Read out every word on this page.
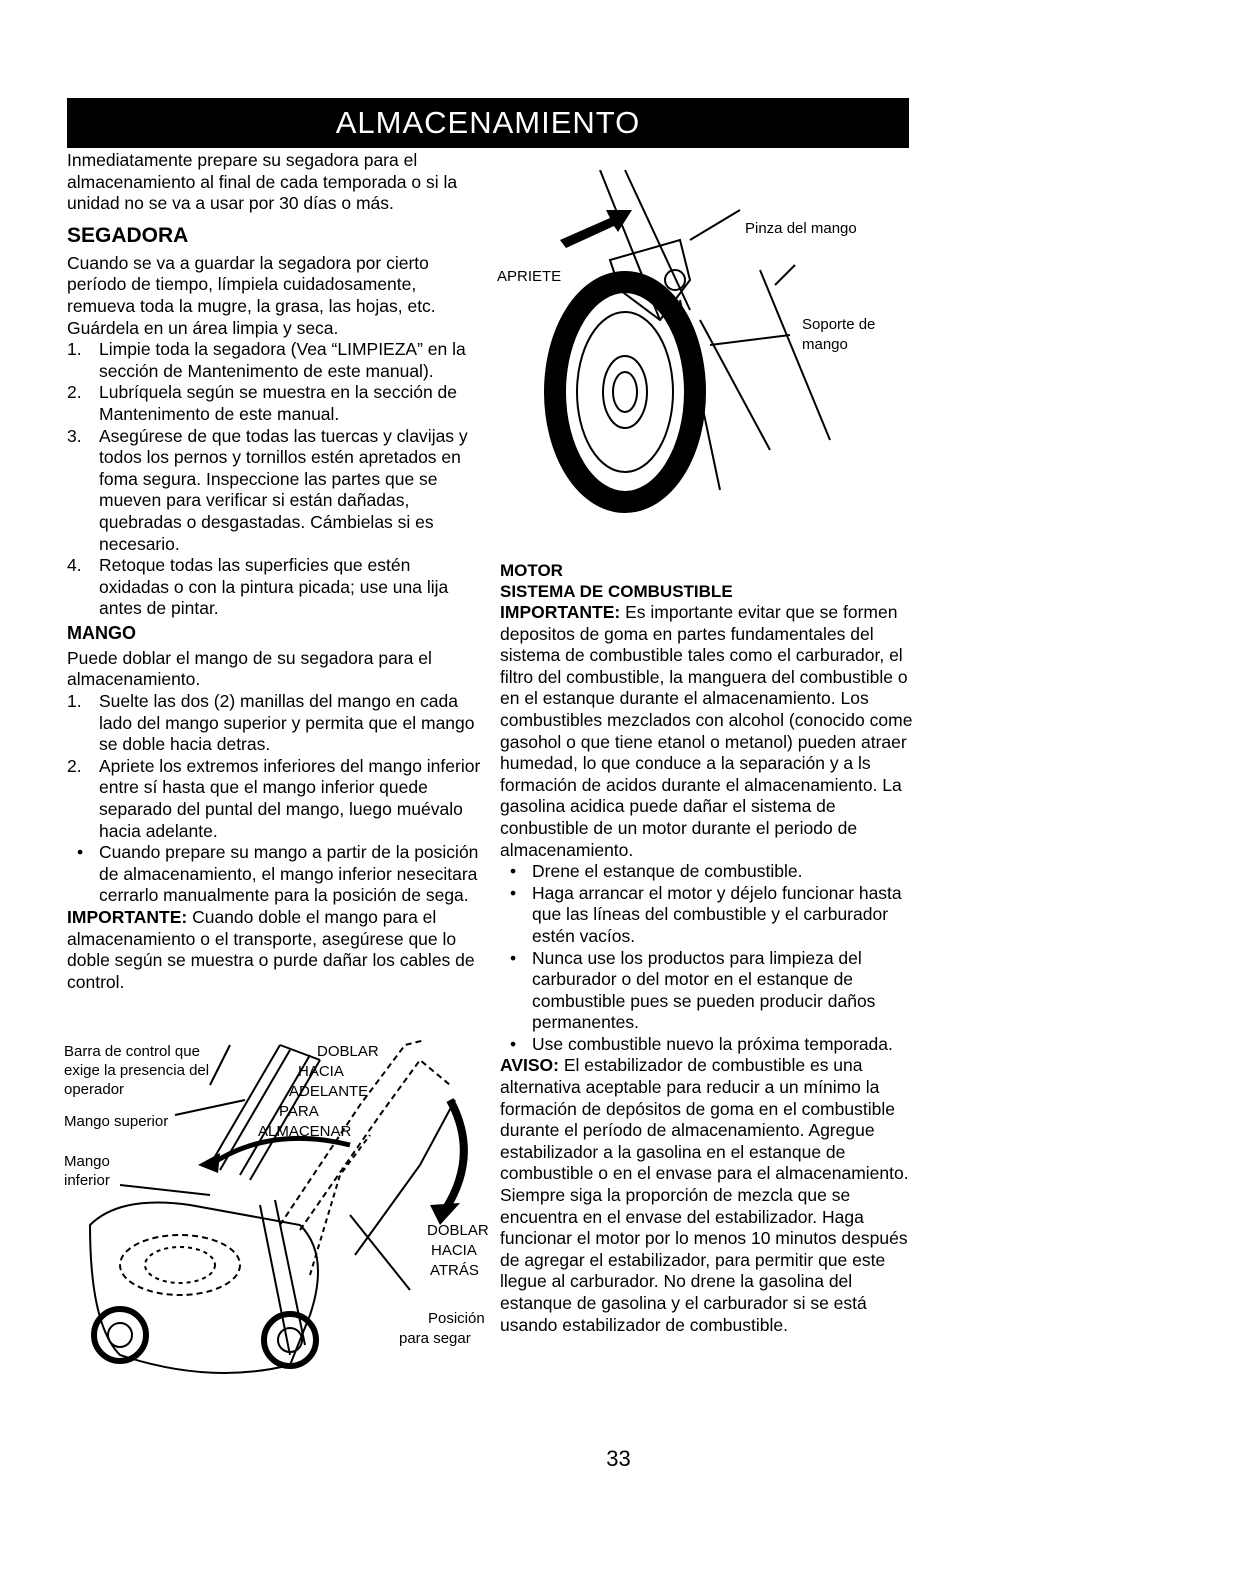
ALMACENAMIENTO

Inmediatamente prepare su segadora para el almacenamiento al final de cada temporada o si la unidad no se va a usar por 30 días o más.

SEGADORA

Cuando se va a guardar la segadora por cierto período de tiempo, límpiela cuidadosamente, remueva toda la mugre, la grasa, las hojas, etc. Guárdela en un área limpia y seca.

1. Limpie toda la segadora (Vea “LIMPIEZA” en la sección de Mantenimento de este manual).
2. Lubríquela según se muestra en la sección de Mantenimento de este manual.
3. Asegúrese de que todas las tuercas y clavijas y todos los pernos y tornillos estén apretados en foma segura. Inspeccione las partes que se mueven para verificar si están dañadas, quebradas o desgastadas. Cámbielas si es necesario.
4. Retoque todas las superficies que estén oxidadas o con la pintura picada; use una lija antes de pintar.
MANGO

Puede doblar el mango de su segadora para el almacenamiento.

1. Suelte las dos (2) manillas del mango en cada lado del mango superior y permita que el mango se doble hacia detras.
2. Apriete los extremos inferiores del mango inferior entre sí hasta que el mango inferior quede separado del puntal del mango, luego muévalo hacia adelante.
• Cuando prepare su mango a partir de la posición de almacenamiento, el mango inferior nesecitara cerrarlo manualmente para la posición de sega.

IMPORTANTE: Cuando doble el mango para el almacenamiento o el transporte, asegúrese que lo doble según se muestra o purde dañar los cables de control.

APRIETE
Pinza del mango
Soporte de
mango
MOTOR
SISTEMA DE COMBUSTIBLE

IMPORTANTE: Es importante evitar que se formen depositos de goma en partes fundamentales del sistema de combustible tales como el carburador, el filtro del combustible, la manguera del combustible o en el estanque durante el almacenamiento. Los combustibles mezclados con alcohol (conocido come gasohol o que tiene etanol o metanol) pueden atraer humedad, lo que conduce a la separación y a ls formación de acidos durante el almacenamiento. La gasolina acidica puede dañar el sistema de conbustible de un motor durante el periodo de almacenamiento.

• Drene el estanque de combustible.
• Haga arrancar el motor y déjelo funcionar hasta que las líneas del combustible y el carburador estén vacíos.
• Nunca use los productos para limpieza del carburador o del motor en el estanque de combustible pues se pueden producir daños permanentes.
• Use combustible nuevo la próxima temporada.

AVISO: El estabilizador de combustible es una alternativa aceptable para reducir a un mínimo la formación de depósitos de goma en el combustible durante el período de almacenamiento. Agregue estabilizador a la gasolina en el estanque de combustible o en el envase para el almacenamiento. Siempre siga la proporción de mezcla que se encuentra en el envase del estabilizador. Haga funcionar el motor por lo menos 10 minutos después de agregar el estabilizador, para permitir que este llegue al carburador. No drene la gasolina del estanque de gasolina y el carburador si se está usando estabilizador de combustible.

Barra de control que
exige la presencia del
operador
Mango superior
Mango
inferior
DOBLAR
HACIA
ADELANTE
PARA
ALMACENAR
DOBLAR
HACIA
ATRÁS
Posición
para segar
33
